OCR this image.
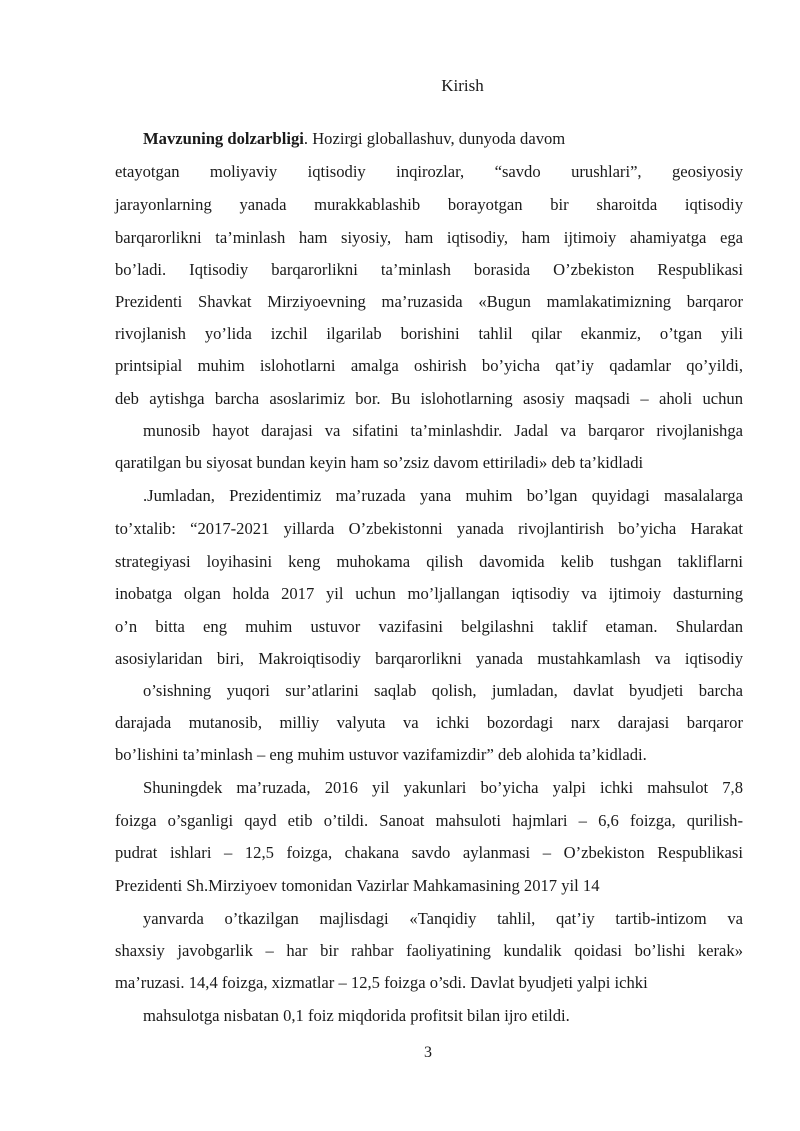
Kirish
Mavzuning dolzarbligi. Hozirgi globallashuv, dunyoda davom
etayotgan moliyaviy iqtisodiy inqirozlar, “savdo urushlari”, geosiyosiy
jarayonlarning yanada murakkablashib borayotgan bir sharoitda iqtisodiy
barqarorlikni ta’minlash ham siyosiy, ham iqtisodiy, ham ijtimoiy ahamiyatga ega
bo’ladi. Iqtisodiy barqarorlikni ta’minlash borasida O’zbekiston Respublikasi
Prezidenti Shavkat Mirziyoevning ma’ruzasida «Bugun mamlakatimizning barqaror
rivojlanish yo’lida izchil ilgarilab borishini tahlil qilar ekanmiz, o’tgan yili
printsipial muhim islohotlarni amalga oshirish bo’yicha qat’iy qadamlar qo’yildi,
deb aytishga barcha asoslarimiz bor. Bu islohotlarning asosiy maqsadi – aholi uchun
munosib hayot darajasi va sifatini ta’minlashdir. Jadal va barqaror rivojlanishga
qaratilgan bu siyosat bundan keyin ham so’zsiz davom ettiriladi» deb ta’kidladi
.Jumladan, Prezidentimiz ma’ruzada yana muhim bo’lgan quyidagi masalalarga
to’xtalib: “2017-2021 yillarda O’zbekistonni yanada rivojlantirish bo’yicha Harakat
strategiyasi loyihasini keng muhokama qilish davomida kelib tushgan takliflarni
inobatga olgan holda 2017 yil uchun mo’ljallangan iqtisodiy va ijtimoiy dasturning
o’n bitta eng muhim ustuvor vazifasini belgilashni taklif etaman. Shulardan
asosiylaridan biri, Makroiqtisodiy barqarorlikni yanada mustahkamlash va iqtisodiy
o’sishning yuqori sur’atlarini saqlab qolish, jumladan, davlat byudjeti barcha
darajada mutanosib, milliy valyuta va ichki bozordagi narx darajasi barqaror
bo’lishini ta’minlash – eng muhim ustuvor vazifamizdir” deb alohida ta’kidladi.
Shuningdek ma’ruzada, 2016 yil yakunlari bo’yicha yalpi ichki mahsulot 7,8
foizga o’sganligi qayd etib o’tildi. Sanoat mahsuloti hajmlari – 6,6 foizga, qurilish-
pudrat ishlari – 12,5 foizga, chakana savdo aylanmasi – O’zbekiston Respublikasi
Prezidenti Sh.Mirziyoev tomonidan Vazirlar Mahkamasining 2017 yil 14
yanvarda o’tkazilgan majlisdagi «Tanqidiy tahlil, qat’iy tartib-intizom va
shaxsiy javobgarlik – har bir rahbar faoliyatining kundalik qoidasi bo’lishi kerak»
ma’ruzasi. 14,4 foizga, xizmatlar – 12,5 foizga o’sdi. Davlat byudjeti yalpi ichki
mahsulotga nisbatan 0,1 foiz miqdorida profitsit bilan ijro etildi.
3
